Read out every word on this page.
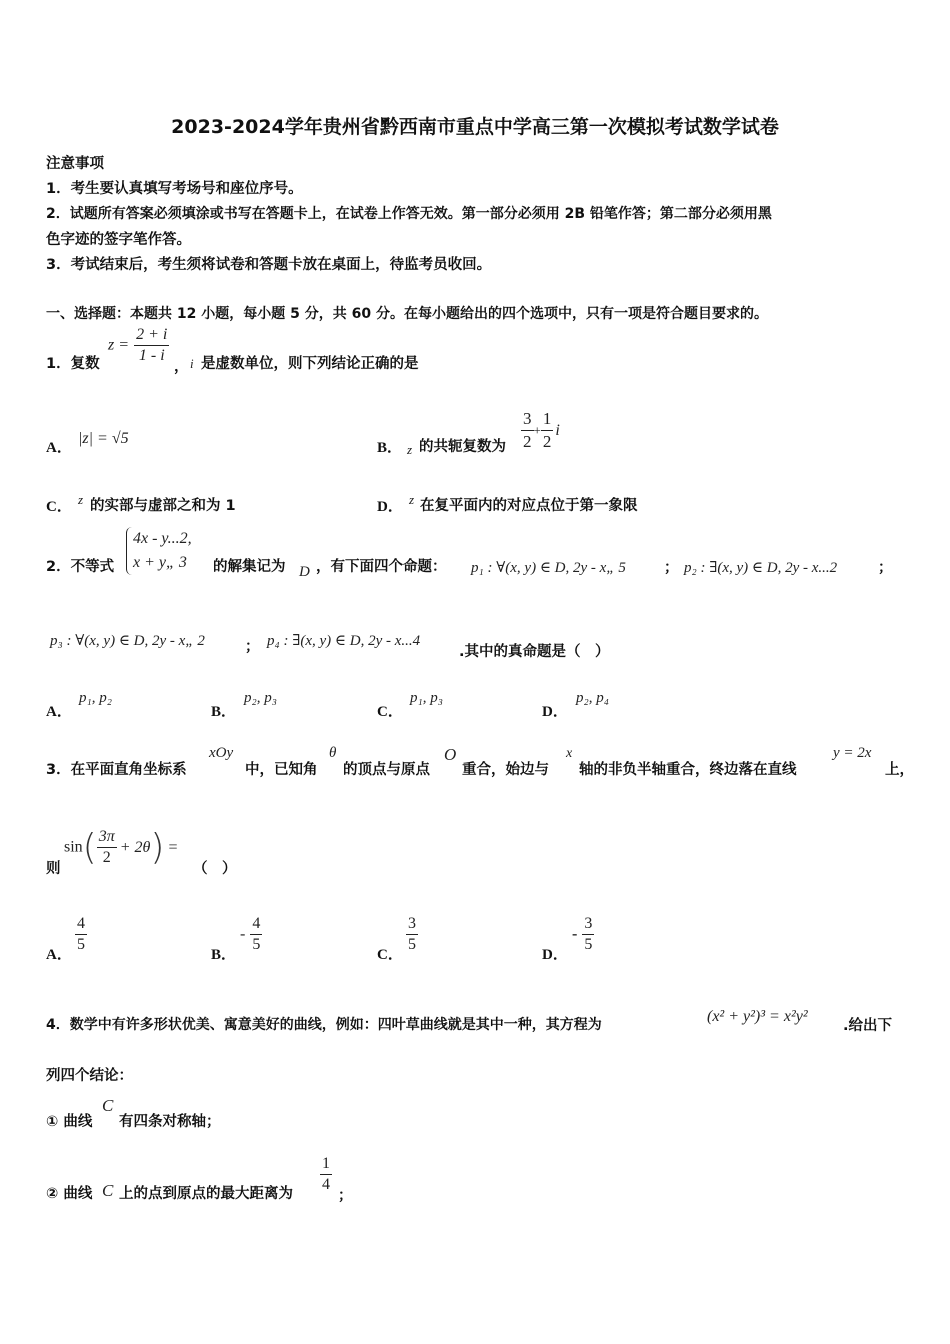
2023-2024学年贵州省黔西南市重点中学高三第一次模拟考试数学试卷
注意事项
1．考生要认真填写考场号和座位序号。
2．试题所有答案必须填涂或书写在答题卡上，在试卷上作答无效。第一部分必须用 2B 铅笔作答；第二部分必须用黑
色字迹的签字笔作答。
3．考试结束后，考生须将试卷和答题卡放在桌面上，待监考员收回。
一、选择题：本题共 12 小题，每小题 5 分，共 60 分。在每小题给出的四个选项中，只有一项是符合题目要求的。
1．复数
$z = \frac{2 + i}{1 - i}$
， i 是虚数单位，则下列结论正确的是
A．
|z| = √5
B． z 的共轭复数为 $\frac{3}{2} + \frac{1}{2}$ i
C． z 的实部与虚部之和为 1	D． z 在复平面内的对应点位于第一象限
2．不等式
4x - y...2,
x + y„ 3	的解集记为 D ，有下面四个命题： p₁ : ∀(x, y) ∈ D, 2y - x„ 5	； p₂ : ∃(x, y) ∈ D, 2y - x...2	；
p₃ : ∀(x, y) ∈ D, 2y - x„ 2	； p₄ : ∃(x, y) ∈ D, 2y - x...4
.其中的真命题是（　）
A．
p₁, p₂
B．
p₂, p₃
C．
p₁, p₃
D．
p₂, p₄
3．在平面直角坐标系
xOy
中，已知角
θ
的顶点与原点
O
重合，始边与
x
轴的非负半轴重合，终边落在直线
y = 2x
上，
则
$\sin( \frac{3\pi}{2} + 2\theta)$ =
（　）
A．
$\frac{4}{5}$
B．
- $\frac{4}{5}$
C．
$\frac{3}{5}$
D．
- $\frac{3}{5}$
4．数学中有许多形状优美、寓意美好的曲线，例如：四叶草曲线就是其中一种，其方程为	(x² + y²)³ = x²y²
.给出下
列四个结论：
① 曲线
C
有四条对称轴；
② 曲线 C 上的点到原点的最大距离为 $\frac{1}{4}$
；
